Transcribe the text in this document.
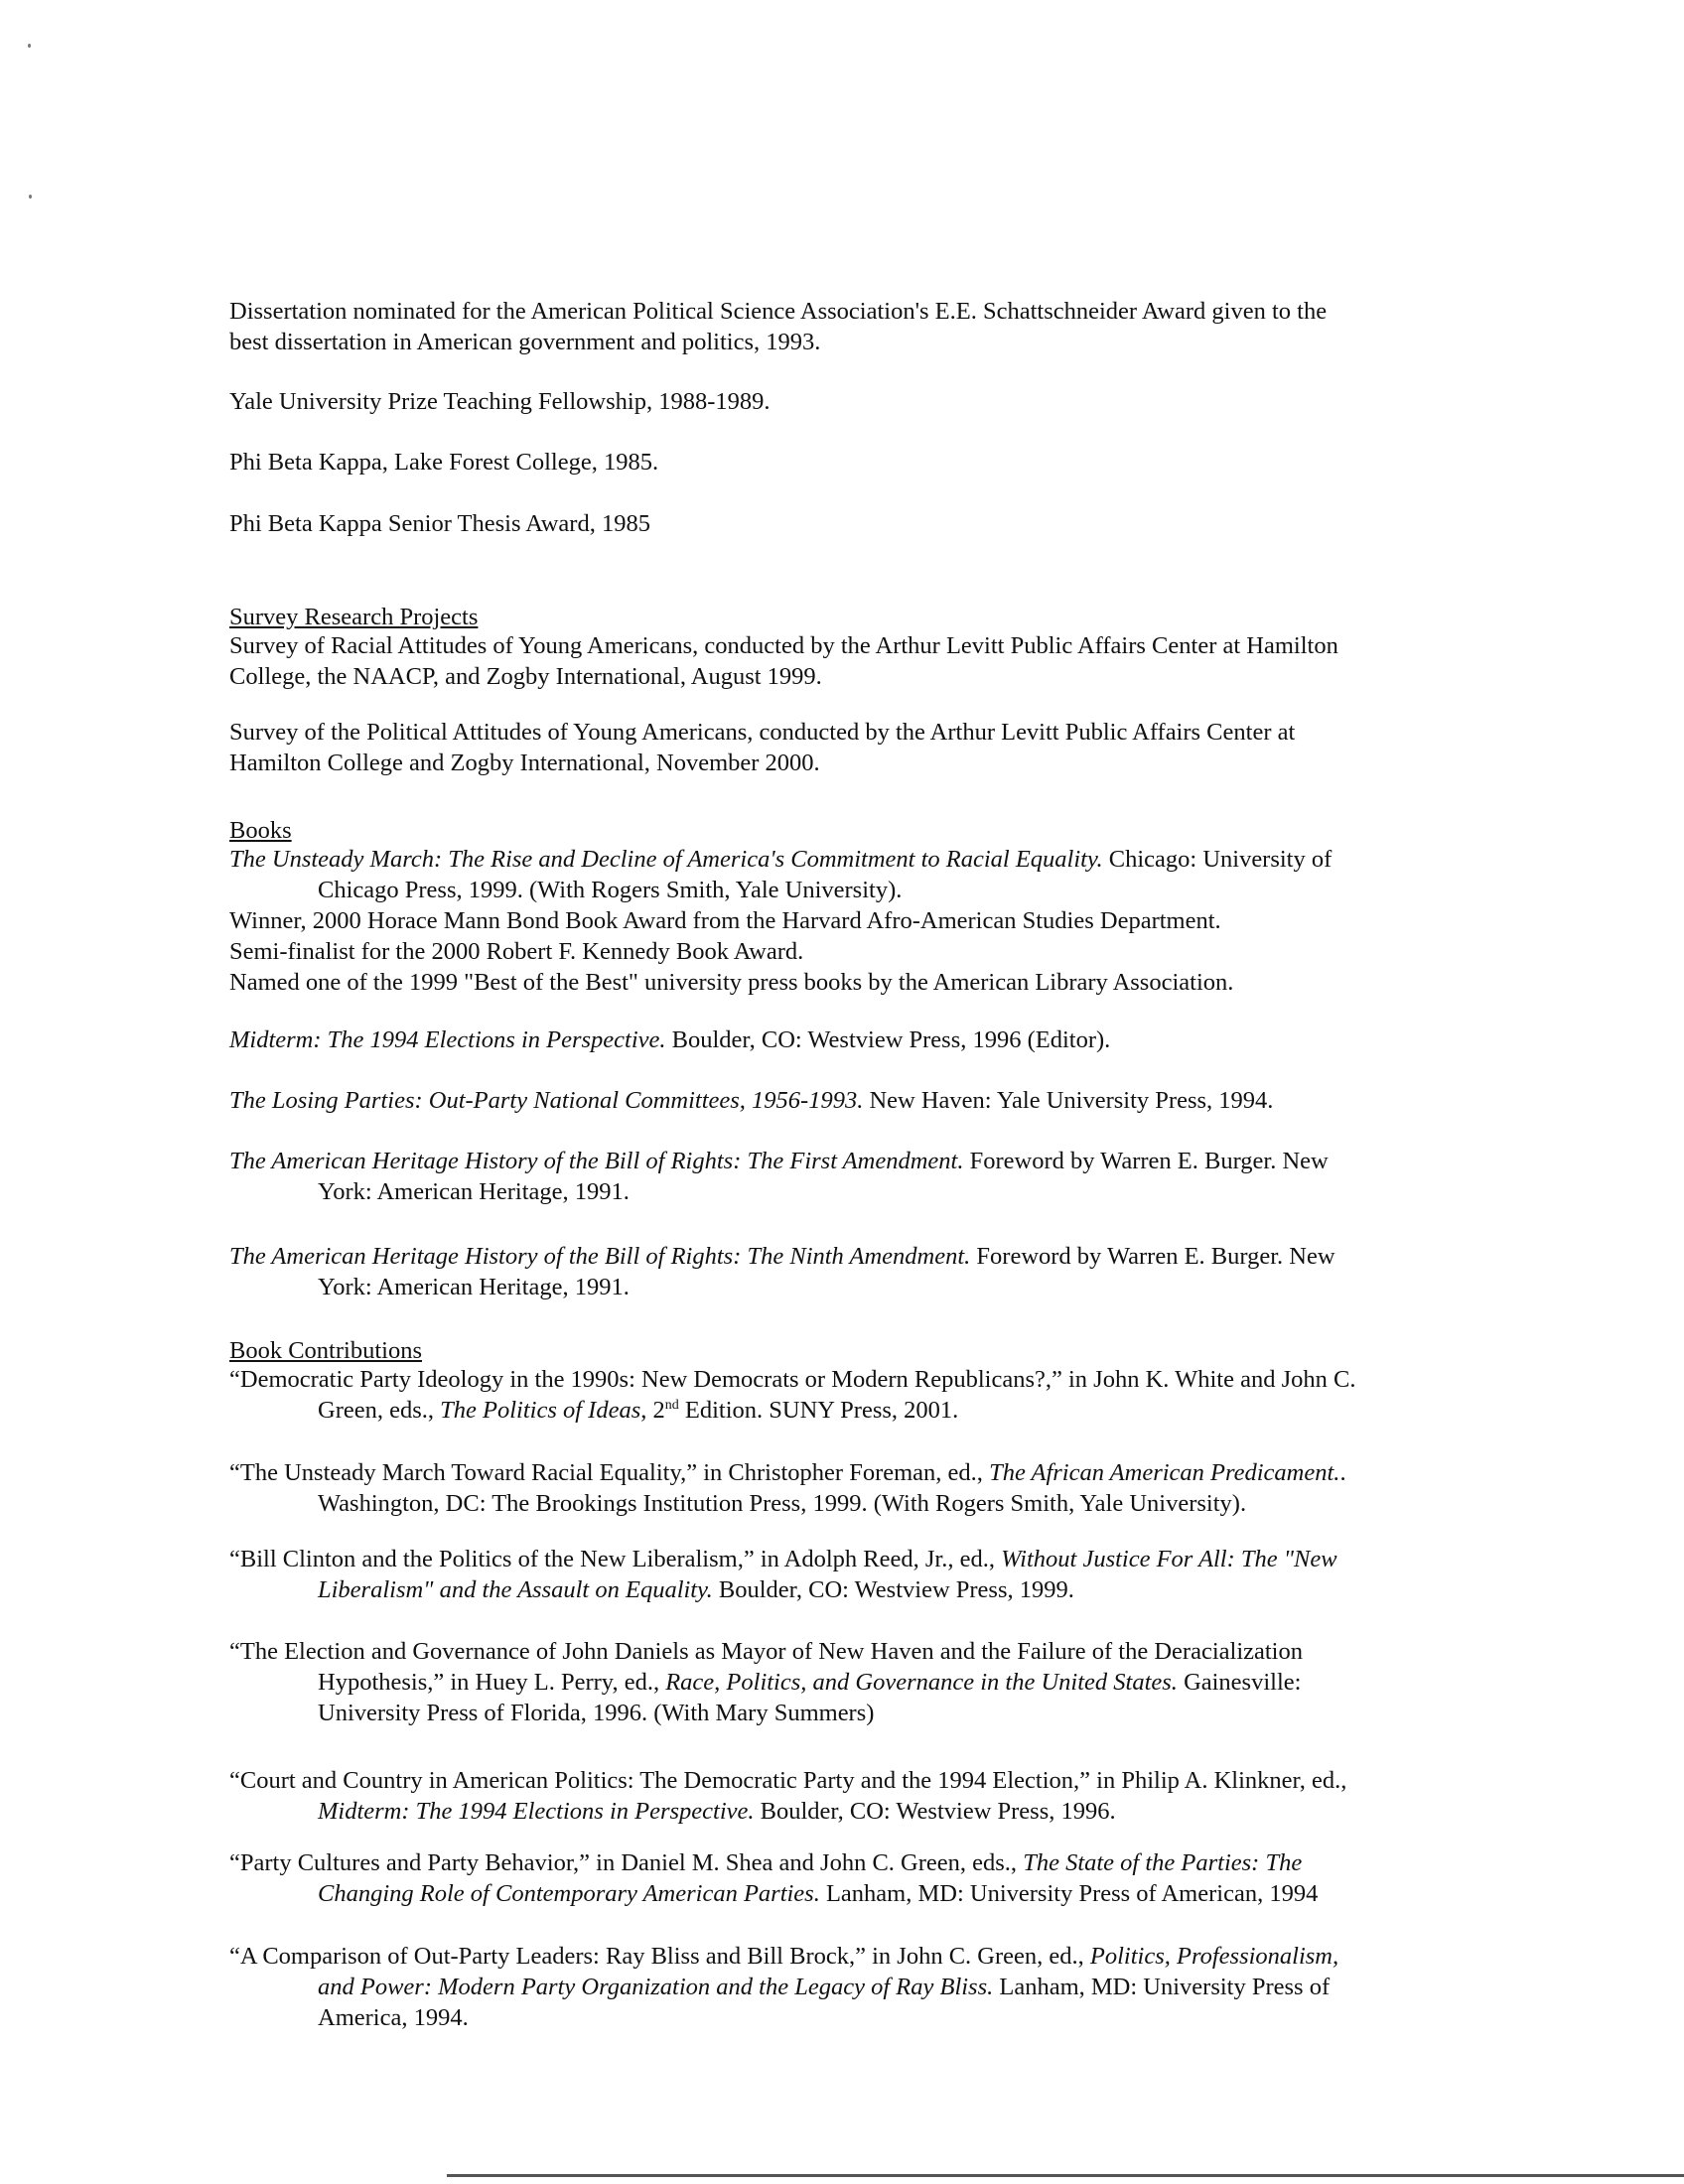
Dissertation nominated for the American Political Science Association's E.E. Schattschneider Award given to the
best dissertation in American government and politics, 1993.
Yale University Prize Teaching Fellowship, 1988-1989.
Phi Beta Kappa, Lake Forest College, 1985.
Phi Beta Kappa Senior Thesis Award, 1985
Survey Research Projects
Survey of Racial Attitudes of Young Americans, conducted by the Arthur Levitt Public Affairs Center at Hamilton
College, the NAACP, and Zogby International, August 1999.
Survey of the Political Attitudes of Young Americans, conducted by the Arthur Levitt Public Affairs Center at
Hamilton College and Zogby International, November 2000.
Books
The Unsteady March: The Rise and Decline of America's Commitment to Racial Equality. Chicago: University of
Chicago Press, 1999. (With Rogers Smith, Yale University).
Winner, 2000 Horace Mann Bond Book Award from the Harvard Afro-American Studies Department.
Semi-finalist for the 2000 Robert F. Kennedy Book Award.
Named one of the 1999 "Best of the Best" university press books by the American Library Association.
Midterm: The 1994 Elections in Perspective. Boulder, CO: Westview Press, 1996 (Editor).
The Losing Parties: Out-Party National Committees, 1956-1993. New Haven: Yale University Press, 1994.
The American Heritage History of the Bill of Rights: The First Amendment. Foreword by Warren E. Burger. New
York: American Heritage, 1991.
The American Heritage History of the Bill of Rights: The Ninth Amendment. Foreword by Warren E. Burger. New
York: American Heritage, 1991.
Book Contributions
“Democratic Party Ideology in the 1990s: New Democrats or Modern Republicans?,” in John K. White and John C.
Green, eds., The Politics of Ideas, 2nd Edition. SUNY Press, 2001.
“The Unsteady March Toward Racial Equality,” in Christopher Foreman, ed., The African American Predicament..
Washington, DC: The Brookings Institution Press, 1999. (With Rogers Smith, Yale University).
“Bill Clinton and the Politics of the New Liberalism,” in Adolph Reed, Jr., ed., Without Justice For All: The "New
Liberalism" and the Assault on Equality. Boulder, CO: Westview Press, 1999.
“The Election and Governance of John Daniels as Mayor of New Haven and the Failure of the Deracialization
Hypothesis,” in Huey L. Perry, ed., Race, Politics, and Governance in the United States. Gainesville:
University Press of Florida, 1996. (With Mary Summers)
“Court and Country in American Politics: The Democratic Party and the 1994 Election,” in Philip A. Klinkner, ed.,
Midterm: The 1994 Elections in Perspective. Boulder, CO: Westview Press, 1996.
“Party Cultures and Party Behavior,” in Daniel M. Shea and John C. Green, eds., The State of the Parties: The
Changing Role of Contemporary American Parties. Lanham, MD: University Press of American, 1994
“A Comparison of Out-Party Leaders: Ray Bliss and Bill Brock,” in John C. Green, ed., Politics, Professionalism,
and Power: Modern Party Organization and the Legacy of Ray Bliss. Lanham, MD: University Press of
America, 1994.
